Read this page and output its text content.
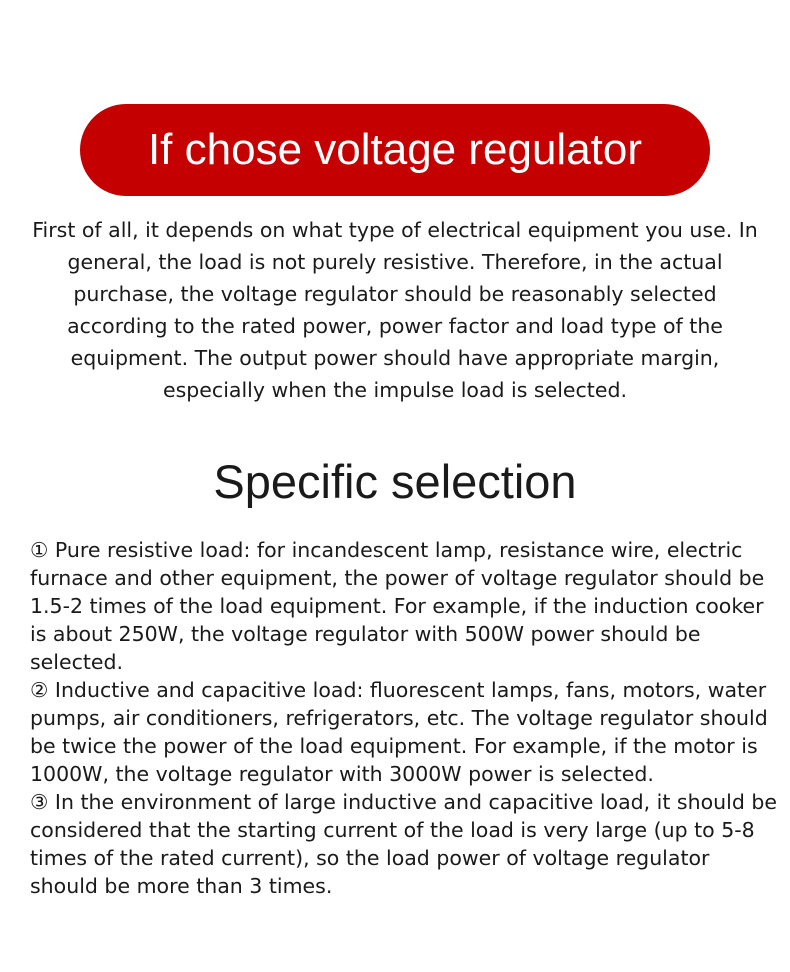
If chose voltage regulator

First of all, it depends on what type of electrical equipment you use. In general, the load is not purely resistive. Therefore, in the actual purchase, the voltage regulator should be reasonably selected according to the rated power, power factor and load type of the equipment. The output power should have appropriate margin, especially when the impulse load is selected.

Specific selection
① Pure resistive load: for incandescent lamp, resistance wire, electric furnace and other equipment, the power of voltage regulator should be 1.5-2 times of the load equipment. For example, if the induction cooker is about 250W, the voltage regulator with 500W power should be selected.
② Inductive and capacitive load: fluorescent lamps, fans, motors, water pumps, air conditioners, refrigerators, etc. The voltage regulator should be twice the power of the load equipment. For example, if the motor is 1000W, the voltage regulator with 3000W power is selected.
③ In the environment of large inductive and capacitive load, it should be considered that the starting current of the load is very large (up to 5-8 times of the rated current), so the load power of voltage regulator should be more than 3 times.
